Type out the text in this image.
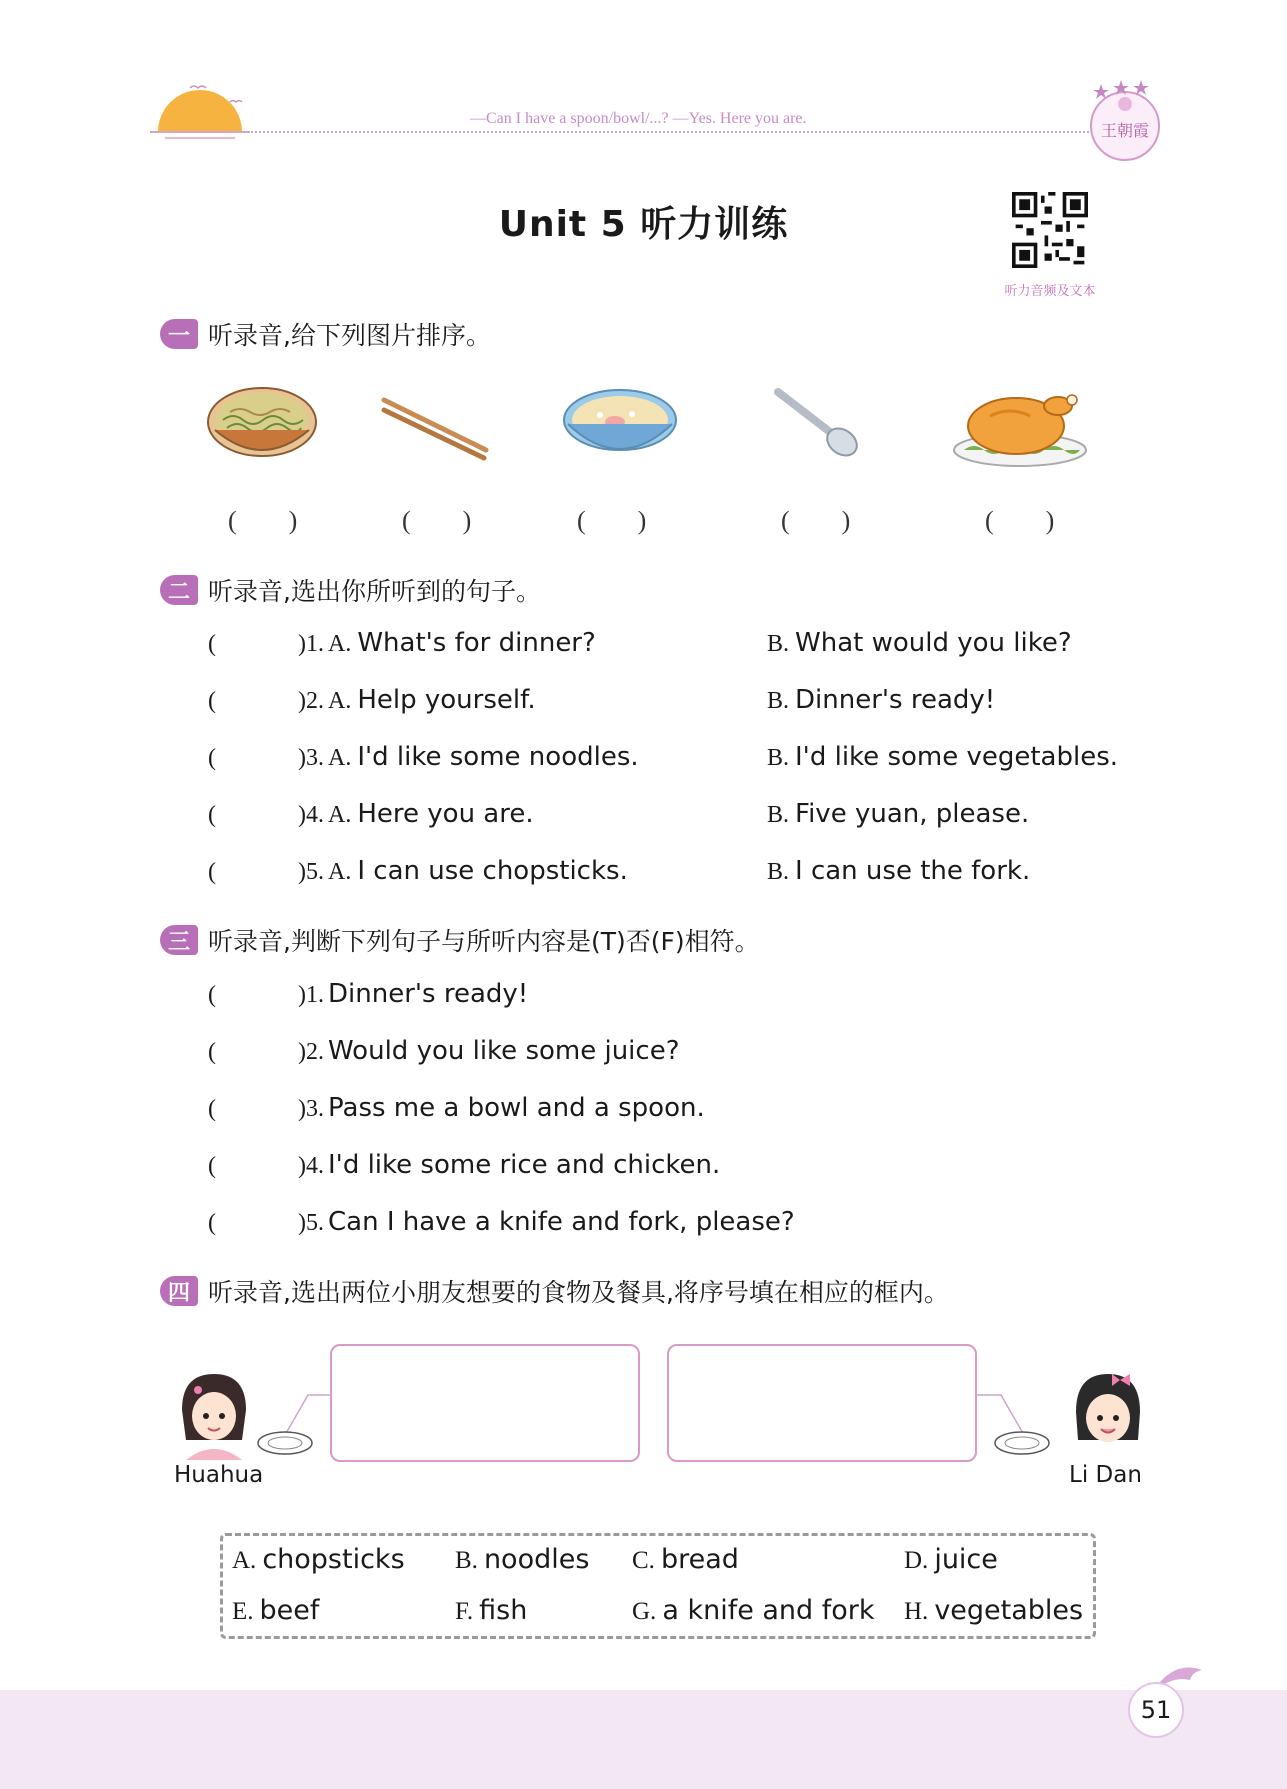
—Can I have a spoon/bowl/...? —Yes. Here you are.
王朝霞
Unit 5 听力训练
听力音频及文本
一 听录音,给下列图片排序。
(　　)	(　　)	(　　)	(　　)	(　　)
二 听录音,选出你所听到的句子。
(	)1. A. What's for dinner?	B. What would you like?
(	)2. A. Help yourself.	B. Dinner's ready!
(	)3. A. I'd like some noodles.	B. I'd like some vegetables.
(	)4. A. Here you are.	B. Five yuan, please.
(	)5. A. I can use chopsticks.	B. I can use the fork.
三 听录音,判断下列句子与所听内容是(T)否(F)相符。
(	)1. Dinner's ready!
(	)2. Would you like some juice?
(	)3. Pass me a bowl and a spoon.
(	)4. I'd like some rice and chicken.
(	)5. Can I have a knife and fork, please?
四 听录音,选出两位小朋友想要的食物及餐具,将序号填在相应的框内。
Huahua	Li Dan
A. chopsticks B. noodles C. bread	D. juice
E. beef	F. fish	G. a knife and fork H. vegetables
51
